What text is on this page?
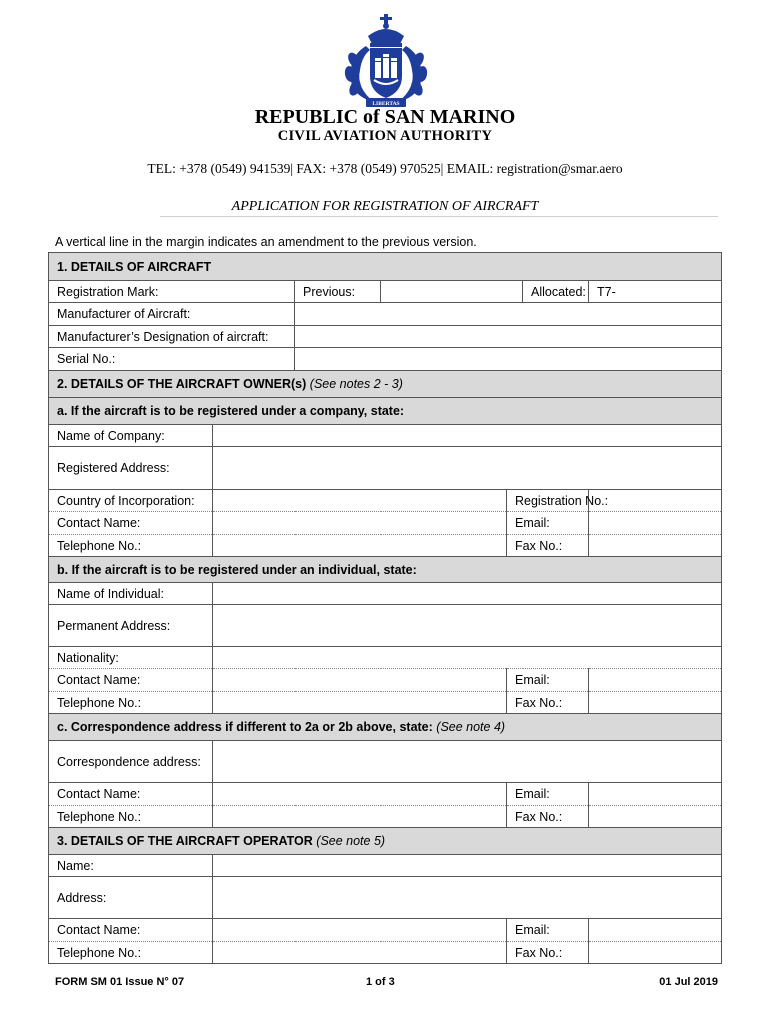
LIBERTAS
REPUBLIC of SAN MARINO
CIVIL AVIATION AUTHORITY
TEL: +378 (0549) 941539| FAX: +378 (0549) 970525| EMAIL: registration@smar.aero
APPLICATION FOR REGISTRATION OF AIRCRAFT
A vertical line in the margin indicates an amendment to the previous version.
1. DETAILS OF AIRCRAFT						
Registration Mark:		Previous:			Allocated:	T7-
Manufacturer of Aircraft:						
Manufacturer’s Designation of aircraft:						
Serial No.:						
2. DETAILS OF THE AIRCRAFT OWNER(s) (See notes 2 - 3)						
a. If the aircraft is to be registered under a company, state:						
Name of Company:						
Registered Address:						
Country of Incorporation:				Registration No.:		
Contact Name:				Email:		
Telephone No.:				Fax No.:		
b. If the aircraft is to be registered under an individual, state:						
Name of Individual:						
Permanent Address:						
Nationality:						
Contact Name:				Email:		
Telephone No.:				Fax No.:		
c. Correspondence address if different to 2a or 2b above, state: (See note 4)						
Correspondence address:						
Contact Name:				Email:		
Telephone No.:				Fax No.:		
3. DETAILS OF THE AIRCRAFT OPERATOR (See note 5)						
Name:						
Address:						
Contact Name:				Email:		
Telephone No.:				Fax No.:		
FORM SM 01 Issue N° 07	1 of 3	01 Jul 2019
